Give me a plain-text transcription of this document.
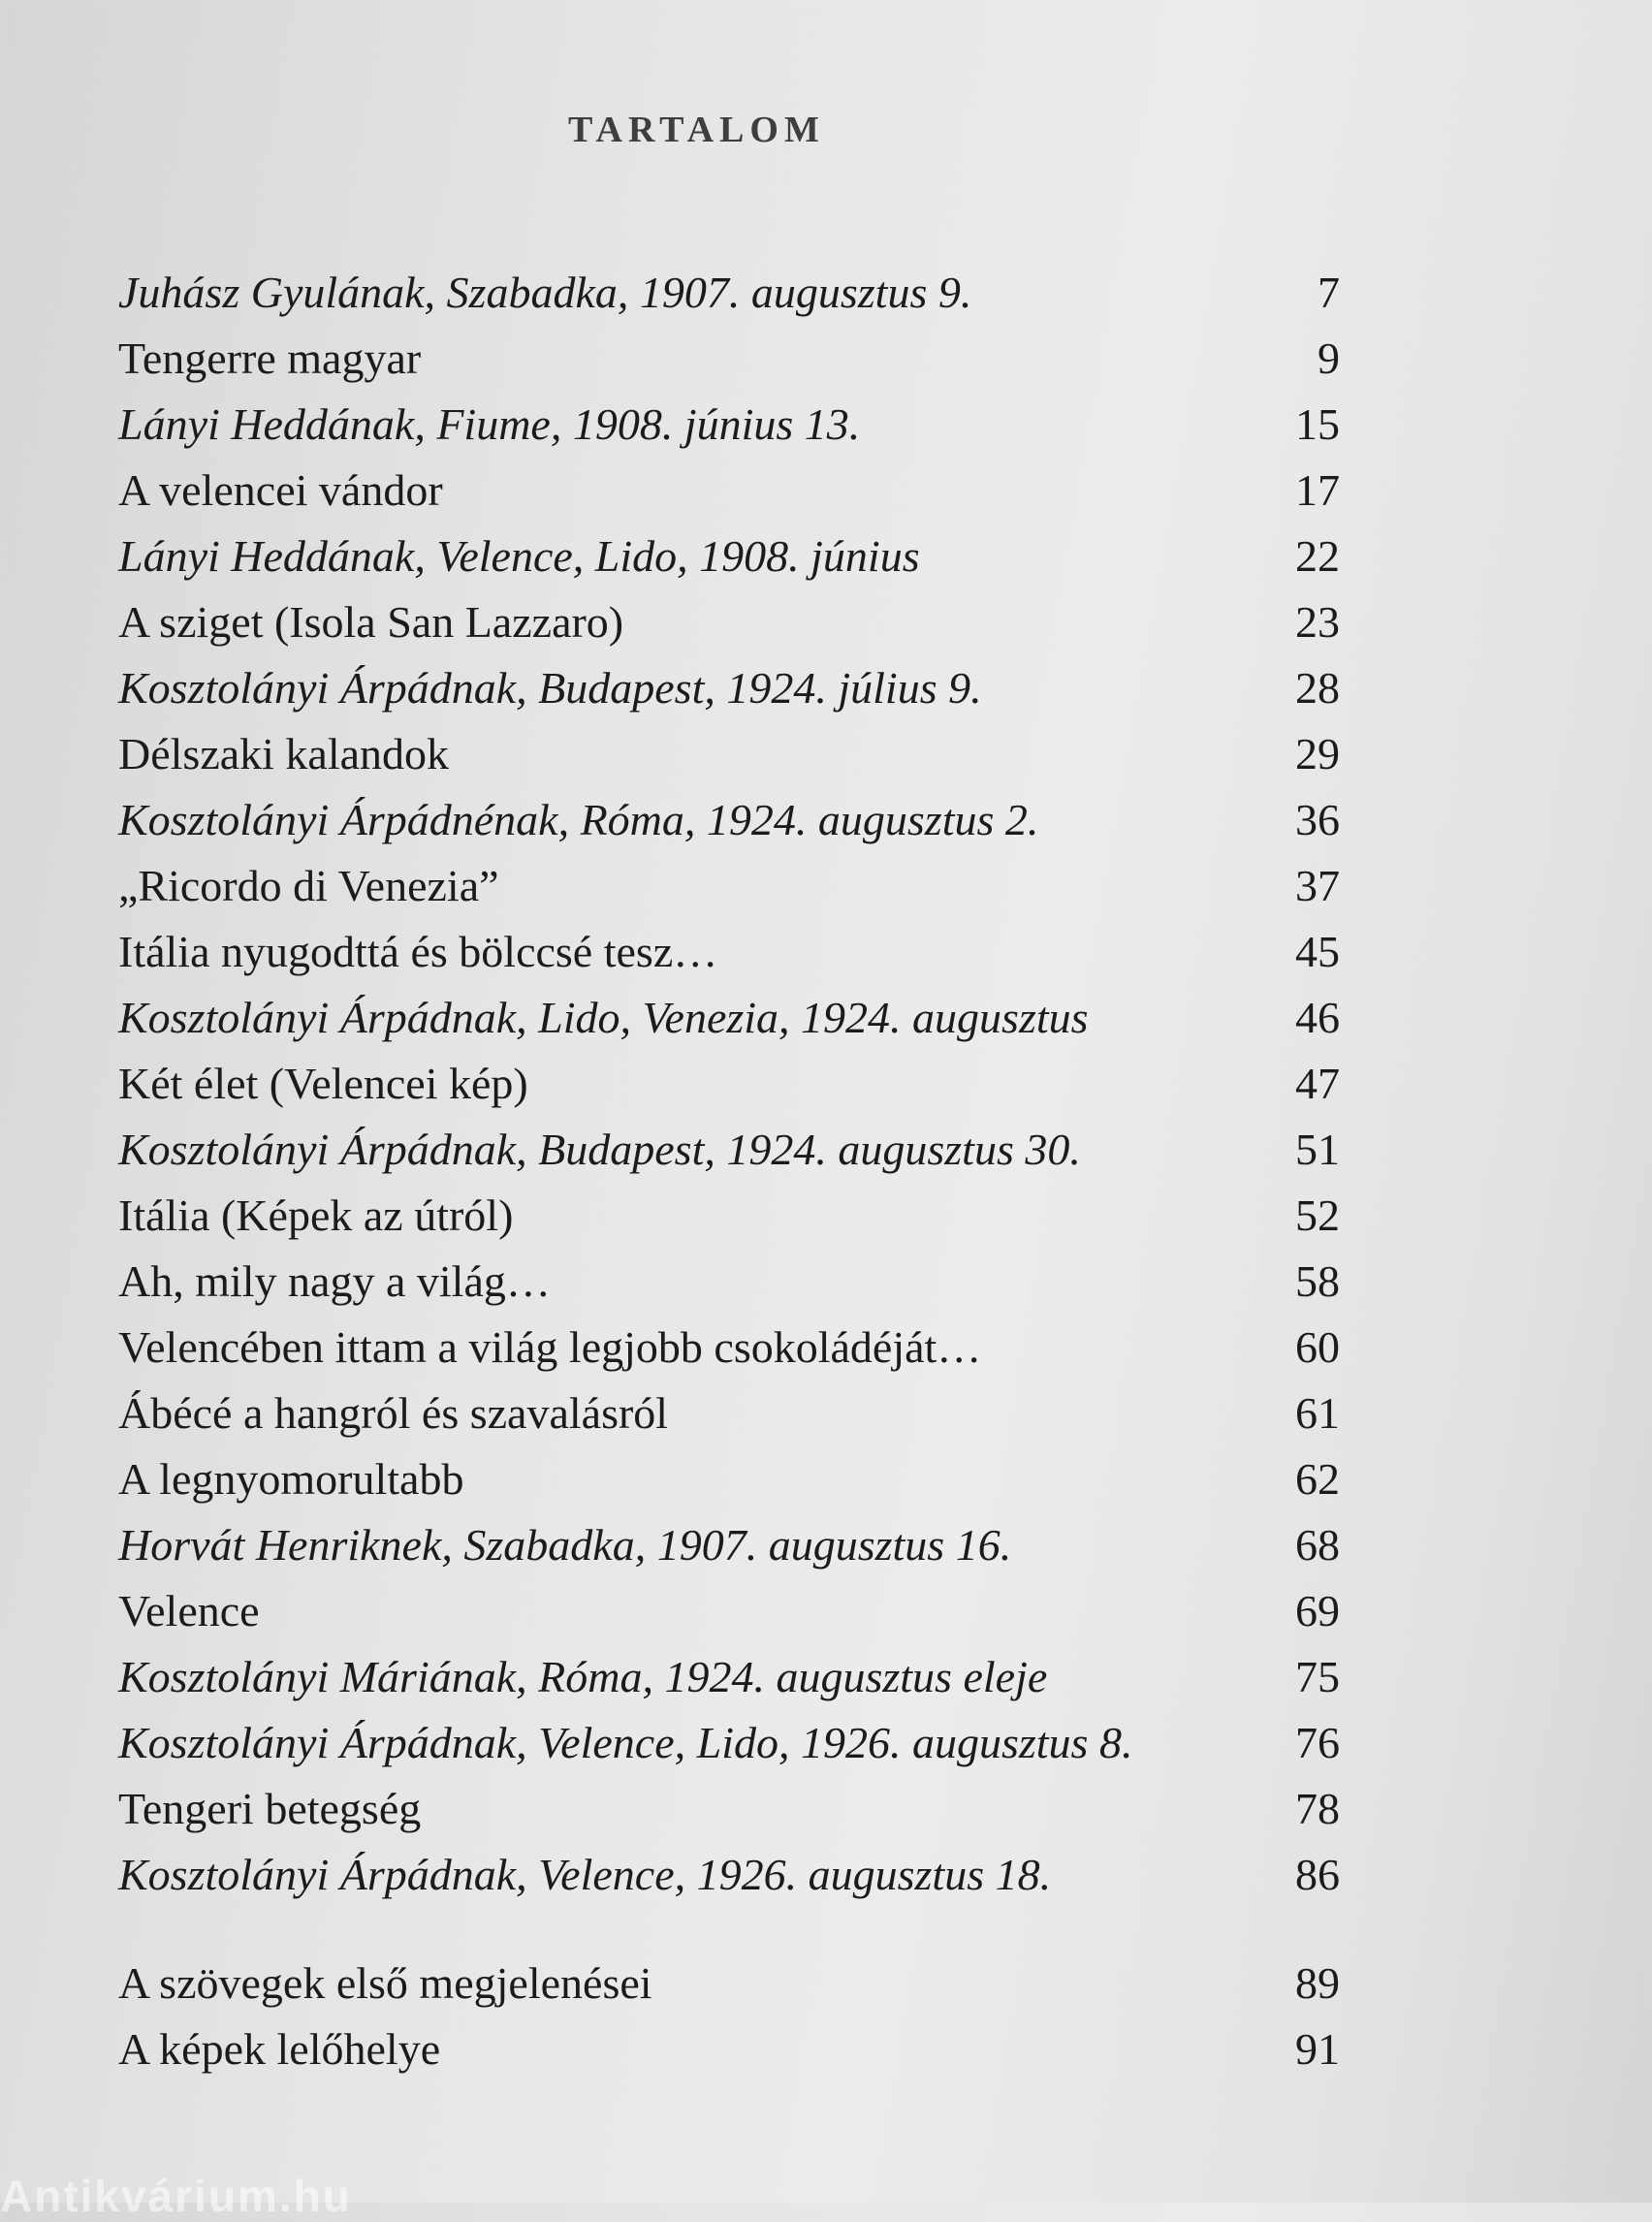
TARTALOM
Juhász Gyulának, Szabadka, 1907. augusztus 9.	7
Tengerre magyar	9
Lányi Heddának, Fiume, 1908. június 13.	15
A velencei vándor	17
Lányi Heddának, Velence, Lido, 1908. június	22
A sziget (Isola San Lazzaro)	23
Kosztolányi Árpádnak, Budapest, 1924. július 9.	28
Délszaki kalandok	29
Kosztolányi Árpádnénak, Róma, 1924. augusztus 2.	36
„Ricordo di Venezia”	37
Itália nyugodttá és bölccsé tesz…	45
Kosztolányi Árpádnak, Lido, Venezia, 1924. augusztus	46
Két élet (Velencei kép)	47
Kosztolányi Árpádnak, Budapest, 1924. augusztus 30.	51
Itália (Képek az útról)	52
Ah, mily nagy a világ…	58
Velencében ittam a világ legjobb csokoládéját…	60
Ábécé a hangról és szavalásról	61
A legnyomorultabb	62
Horvát Henriknek, Szabadka, 1907. augusztus 16.	68
Velence	69
Kosztolányi Máriának, Róma, 1924. augusztus eleje	75
Kosztolányi Árpádnak, Velence, Lido, 1926. augusztus 8.	76
Tengeri betegség	78
Kosztolányi Árpádnak, Velence, 1926. augusztus 18.	86
A szövegek első megjelenései	89
A képek lelőhelye	91
Antikvárium.hu
